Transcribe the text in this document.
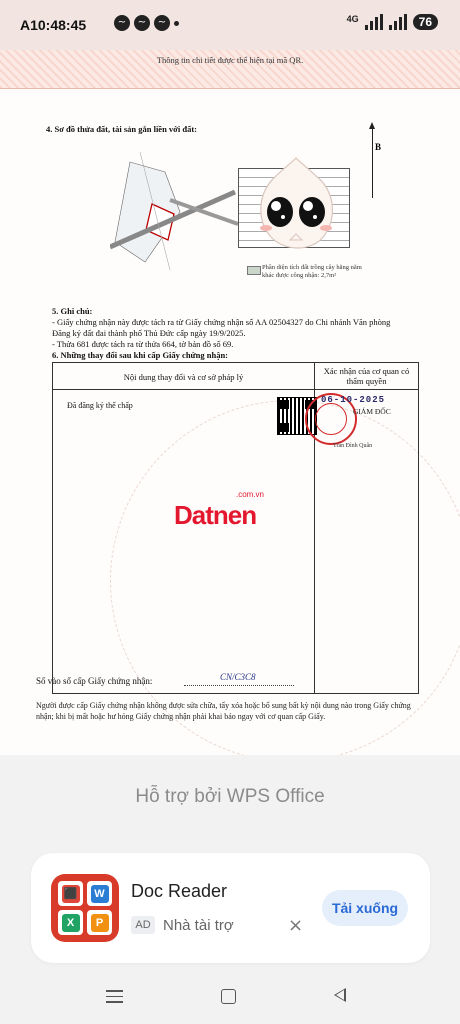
A10:48:45	~	~	~	4G	76
Thông tin chi tiết được thể hiện tại mã QR.
4. Sơ đồ thửa đất, tài sản gắn liền với đất:
B
Phần diện tích đất trồng cây hằng năm khác được công nhận: 2,7m²
5. Ghi chú:
- Giấy chứng nhận này được tách ra từ Giấy chứng nhận số AA 02504327 do Chi nhánh Văn phòng Đăng ký đất đai thành phố Thủ Đức cấp ngày 19/9/2025.
- Thửa 681 được tách ra từ thửa 664, tờ bản đồ số 69.
6. Những thay đổi sau khi cấp Giấy chứng nhận:
Nội dung thay đổi và cơ sở pháp lý
Xác nhận của cơ quan có thẩm quyền
Đã đăng ký thế chấp
06-10-2025
GIÁM ĐỐC
Trần Đình Quân
.com.vn
Datnen
Số vào sổ cấp Giấy chứng nhận:	CN/C3C8
Người được cấp Giấy chứng nhận không được sửa chữa, tẩy xóa hoặc bổ sung bất kỳ nội dung nào trong Giấy chứng nhận; khi bị mất hoặc hư hỏng Giấy chứng nhận phải khai báo ngay với cơ quan cấp Giấy.
Hỗ trợ bởi WPS Office
⬛	W
X	P
Doc Reader
AD Nhà tài trợ	×
Tải xuống
